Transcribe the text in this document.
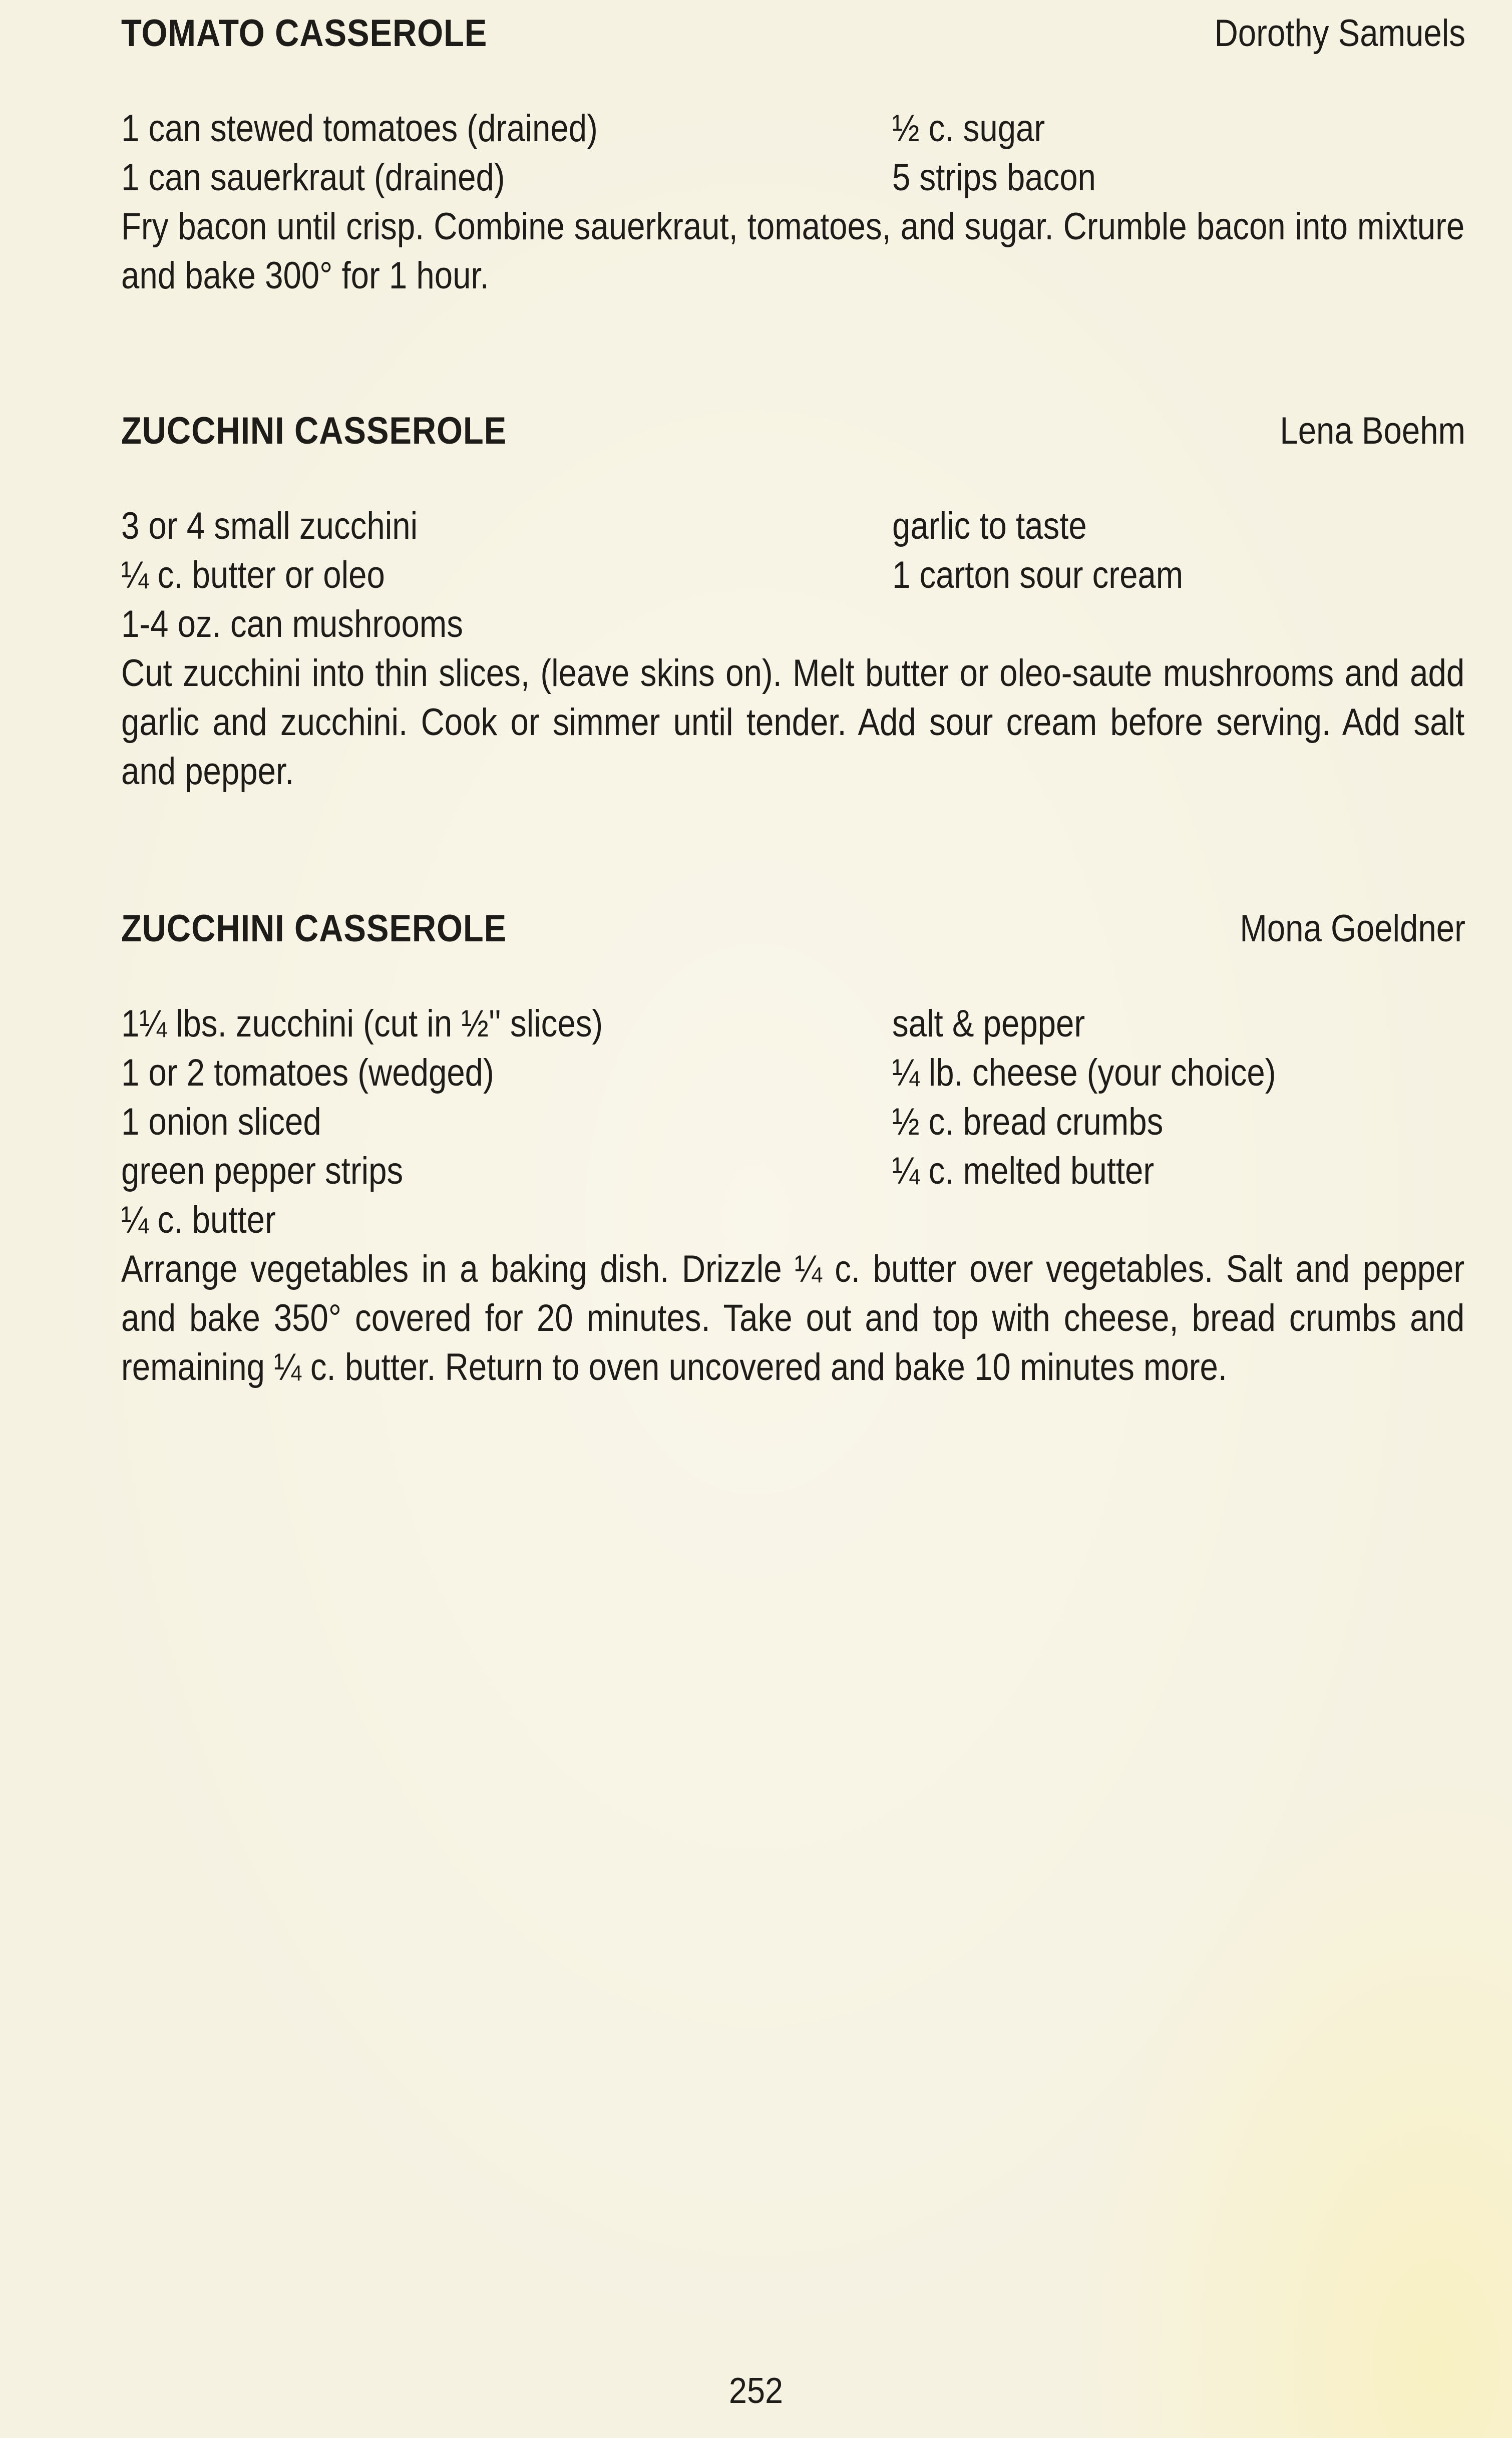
TOMATO CASSEROLE	Dorothy Samuels
1 can stewed tomatoes (drained)	½ c. sugar
1 can sauerkraut (drained)	5 strips bacon
Fry bacon until crisp. Combine sauerkraut, tomatoes, and sugar. Crumble bacon into mixture and bake 300° for 1 hour.
ZUCCHINI CASSEROLE	Lena Boehm
3 or 4 small zucchini	garlic to taste
¼ c. butter or oleo	1 carton sour cream
1-4 oz. can mushrooms
Cut zucchini into thin slices, (leave skins on). Melt butter or oleo-saute mushrooms and add garlic and zucchini. Cook or simmer until tender. Add sour cream before serving. Add salt and pepper.
ZUCCHINI CASSEROLE	Mona Goeldner
1¼ lbs. zucchini (cut in ½'' slices)	salt & pepper
1 or 2 tomatoes (wedged)	¼ lb. cheese (your choice)
1 onion sliced	½ c. bread crumbs
green pepper strips	¼ c. melted butter
¼ c. butter
Arrange vegetables in a baking dish. Drizzle ¼ c. butter over vegetables. Salt and pepper and bake 350° covered for 20 minutes. Take out and top with cheese, bread crumbs and remaining ¼ c. butter. Return to oven uncovered and bake 10 minutes more.
252
